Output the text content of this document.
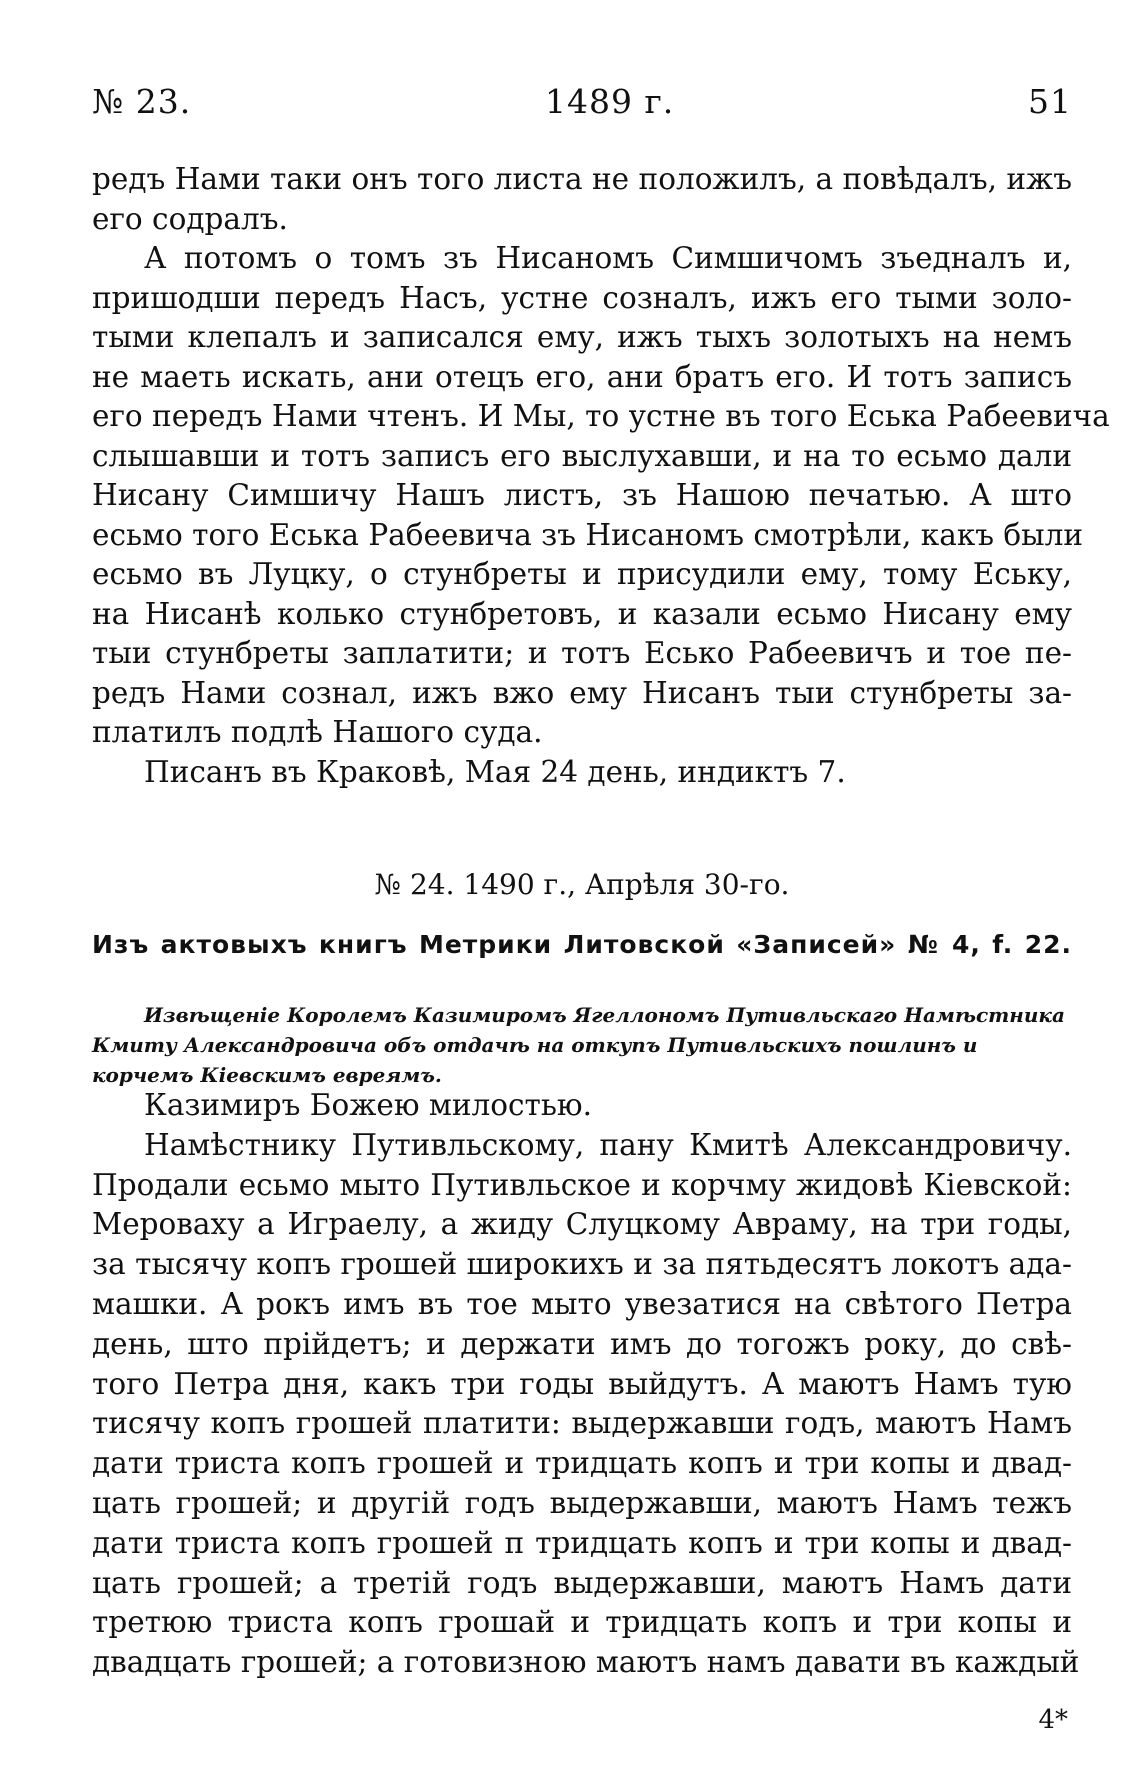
№ 23.	1489 г.	51
редъ Нами таки онъ того листа не положилъ, а повѣдалъ, ижъ
его содралъ.
А потомъ о томъ зъ Нисаномъ Симшичомъ зъедналъ и,
пришодши передъ Насъ, устне созналъ, ижъ его тыми золо-
тыми клепалъ и записался ему, ижъ тыхъ золотыхъ на немъ
не маеть искать, ани отецъ его, ани братъ его. И тотъ записъ
его передъ Нами чтенъ. И Мы, то устне въ того Еська Рабеевича
слышавши и тотъ записъ его выслухавши, и на то есьмо дали
Нисану Симшичу Нашъ листъ, зъ Нашою печатью. А што
есьмо того Еська Рабеевича зъ Нисаномъ смотрѣли, какъ были
есьмо въ Луцку, о стунбреты и присудили ему, тому Еську,
на Нисанѣ колько стунбретовъ, и казали есьмо Нисану ему
тыи стунбреты заплатити; и тотъ Есько Рабеевичъ и тое пе-
редъ Нами сознал, ижъ вжо ему Нисанъ тыи стунбреты за-
платилъ подлѣ Нашого суда.
Писанъ въ Краковѣ, Мая 24 день, индиктъ 7.
№ 24. 1490 г., Апрѣля 30-го.
Изъ актовыхъ книгъ Метрики Литовской «Записей» № 4, f. 22.
Извѣщеніе Королемъ Казимиромъ Ягеллономъ Путивльскаго Намѣстника Кмиту Александровича объ отдачѣ на откупъ Путивльскихъ пошлинъ и корчемъ Кіевскимъ евреямъ.
Казимиръ Божею милостью.
Намѣстнику Путивльскому, пану Кмитѣ Александровичу.
Продали есьмо мыто Путивльское и корчму жидовѣ Кіевской:
Мероваху а Играелу, а жиду Слуцкому Авраму, на три годы,
за тысячу копъ грошей широкихъ и за пятьдесятъ локотъ ада-
машки. А рокъ имъ въ тое мыто увезатися на свѣтого Петра
день, што прійдетъ; и держати имъ до тогожъ року, до свѣ-
того Петра дня, какъ три годы выйдутъ. А маютъ Намъ тую
тисячу копъ грошей платити: выдержавши годъ, маютъ Намъ
дати триста копъ грошей и тридцать копъ и три копы и двад-
цать грошей; и другій годъ выдержавши, маютъ Намъ тежъ
дати триста копъ грошей п тридцать копъ и три копы и двад-
цать грошей; а третій годъ выдержавши, маютъ Намъ дати
третюю триста копъ грошай и тридцать копъ и три копы и
двадцать грошей; а готовизною маютъ намъ давати въ каждый
4*
